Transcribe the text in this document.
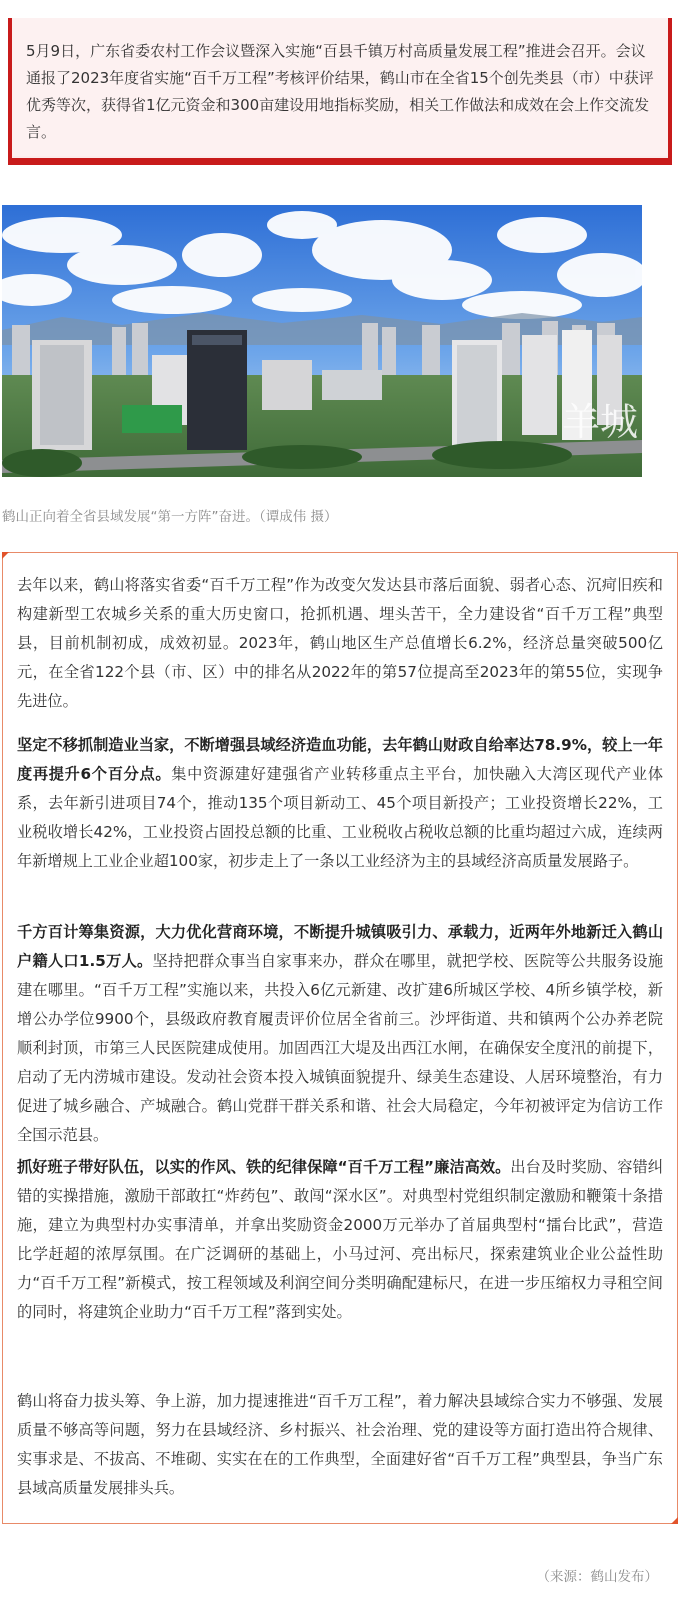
5月9日，广东省委农村工作会议暨深入实施“百县千镇万村高质量发展工程”推进会召开。会议通报了2023年度省实施“百千万工程”考核评价结果，鹤山市在全省15个创先类县（市）中获评优秀等次，获得省1亿元资金和300亩建设用地指标奖励，相关工作做法和成效在会上作交流发言。

羊城

鹤山正向着全省县域发展“第一方阵”奋进。（谭成伟 摄）

去年以来，鹤山将落实省委“百千万工程”作为改变欠发达县市落后面貌、弱者心态、沉疴旧疾和构建新型工农城乡关系的重大历史窗口，抢抓机遇、埋头苦干，全力建设省“百千万工程”典型县，目前机制初成，成效初显。2023年，鹤山地区生产总值增长6.2%，经济总量突破500亿元，在全省122个县（市、区）中的排名从2022年的第57位提高至2023年的第55位，实现争先进位。

坚定不移抓制造业当家，不断增强县域经济造血功能，去年鹤山财政自给率达78.9%，较上一年度再提升6个百分点。集中资源建好建强省产业转移重点主平台，加快融入大湾区现代产业体系，去年新引进项目74个，推动135个项目新动工、45个项目新投产；工业投资增长22%，工业税收增长42%，工业投资占固投总额的比重、工业税收占税收总额的比重均超过六成，连续两年新增规上工业企业超100家，初步走上了一条以工业经济为主的县域经济高质量发展路子。

千方百计筹集资源，大力优化营商环境，不断提升城镇吸引力、承载力，近两年外地新迁入鹤山户籍人口1.5万人。坚持把群众事当自家事来办，群众在哪里，就把学校、医院等公共服务设施建在哪里。“百千万工程”实施以来，共投入6亿元新建、改扩建6所城区学校、4所乡镇学校，新增公办学位9900个，县级政府教育履责评价位居全省前三。沙坪街道、共和镇两个公办养老院顺利封顶，市第三人民医院建成使用。加固西江大堤及出西江水闸，在确保安全度汛的前提下，启动了无内涝城市建设。发动社会资本投入城镇面貌提升、绿美生态建设、人居环境整治，有力促进了城乡融合、产城融合。鹤山党群干群关系和谐、社会大局稳定，今年初被评定为信访工作全国示范县。

抓好班子带好队伍，以实的作风、铁的纪律保障“百千万工程”廉洁高效。出台及时奖励、容错纠错的实操措施，激励干部敢扛“炸药包”、敢闯“深水区”。对典型村党组织制定激励和鞭策十条措施，建立为典型村办实事清单，并拿出奖励资金2000万元举办了首届典型村“擂台比武”，营造比学赶超的浓厚氛围。在广泛调研的基础上，小马过河、亮出标尺，探索建筑业企业公益性助力“百千万工程”新模式，按工程领域及利润空间分类明确配建标尺，在进一步压缩权力寻租空间的同时，将建筑企业助力“百千万工程”落到实处。

鹤山将奋力拔头筹、争上游，加力提速推进“百千万工程”，着力解决县域综合实力不够强、发展质量不够高等问题，努力在县域经济、乡村振兴、社会治理、党的建设等方面打造出符合规律、实事求是、不拔高、不堆砌、实实在在的工作典型，全面建好省“百千万工程”典型县，争当广东县域高质量发展排头兵。

（来源：鹤山发布）
